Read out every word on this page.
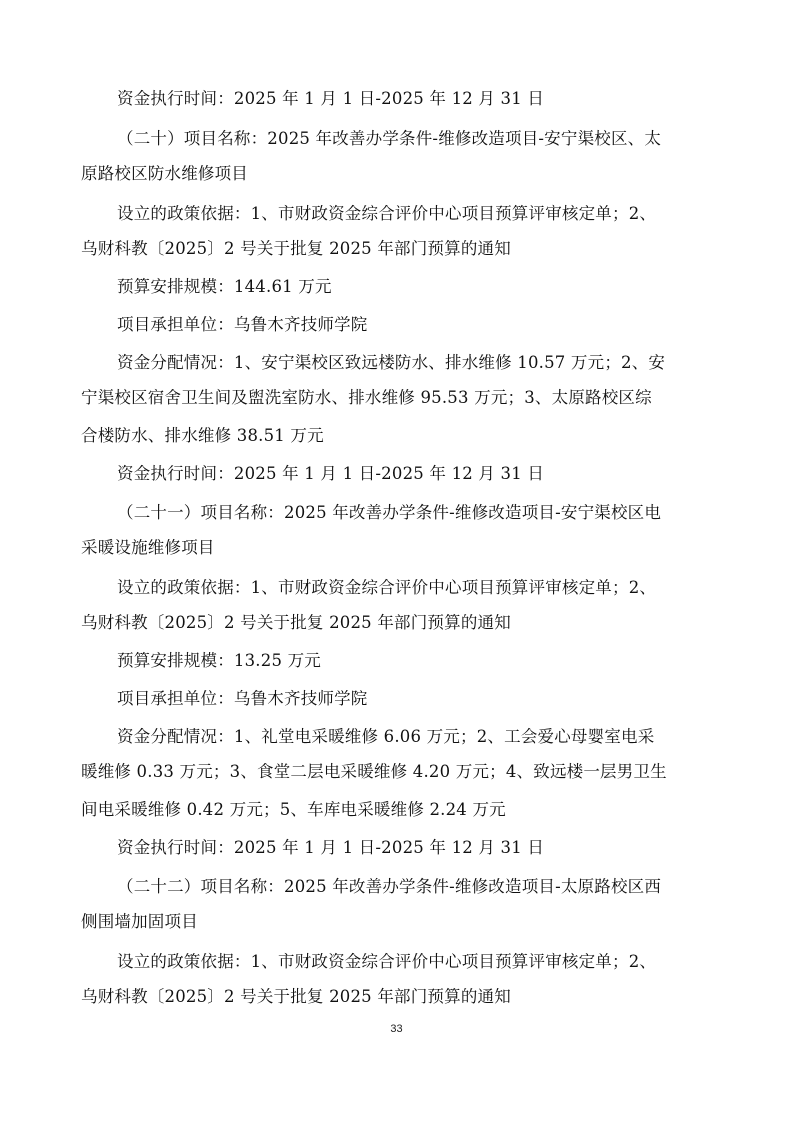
资金执行时间：2025 年 1 月 1 日-2025 年 12 月 31 日
（二十）项目名称：2025 年改善办学条件-维修改造项目-安宁渠校区、太
原路校区防水维修项目
设立的政策依据：1、市财政资金综合评价中心项目预算评审核定单；2、
乌财科教〔2025〕2 号关于批复 2025 年部门预算的通知
预算安排规模：144.61 万元
项目承担单位：乌鲁木齐技师学院
资金分配情况：1、安宁渠校区致远楼防水、排水维修 10.57 万元；2、安
宁渠校区宿舍卫生间及盥洗室防水、排水维修 95.53 万元；3、太原路校区综
合楼防水、排水维修 38.51 万元
资金执行时间：2025 年 1 月 1 日-2025 年 12 月 31 日
（二十一）项目名称：2025 年改善办学条件-维修改造项目-安宁渠校区电
采暖设施维修项目
设立的政策依据：1、市财政资金综合评价中心项目预算评审核定单；2、
乌财科教〔2025〕2 号关于批复 2025 年部门预算的通知
预算安排规模：13.25 万元
项目承担单位：乌鲁木齐技师学院
资金分配情况：1、礼堂电采暖维修 6.06 万元；2、工会爱心母婴室电采
暖维修 0.33 万元；3、食堂二层电采暖维修 4.20 万元；4、致远楼一层男卫生
间电采暖维修 0.42 万元；5、车库电采暖维修 2.24 万元
资金执行时间：2025 年 1 月 1 日-2025 年 12 月 31 日
（二十二）项目名称：2025 年改善办学条件-维修改造项目-太原路校区西
侧围墙加固项目
设立的政策依据：1、市财政资金综合评价中心项目预算评审核定单；2、
乌财科教〔2025〕2 号关于批复 2025 年部门预算的通知
33
